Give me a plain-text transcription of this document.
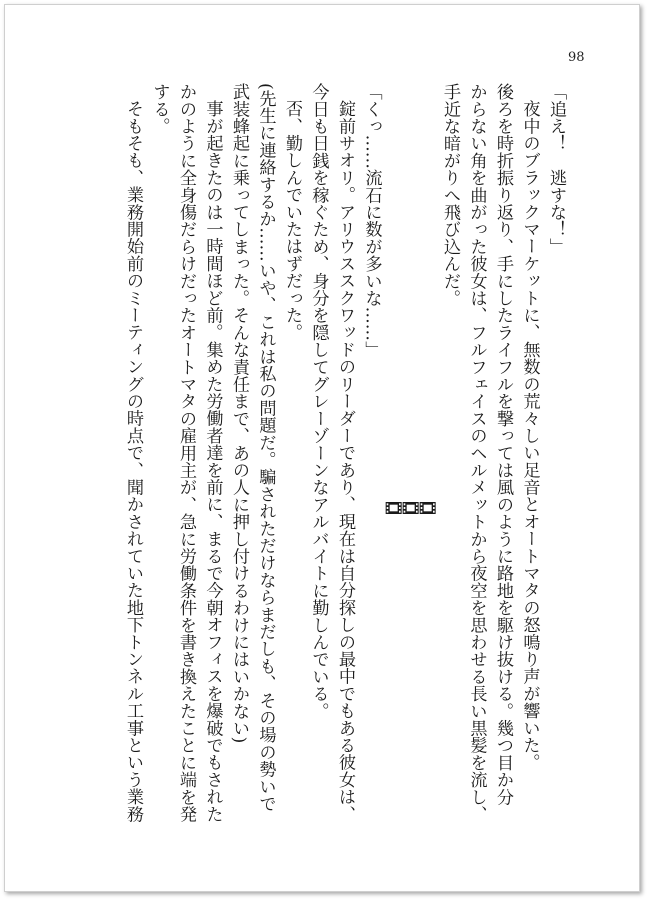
98

「追え！　逃すな！」

夜中のブラックマーケットに、無数の荒々しい足音とオートマタの怒鳴り声が響いた。

後ろを時折振り返り、手にしたライフルを撃っては風のように路地を駆け抜ける。幾つ目か分

からない角を曲がった彼女は、フルフェイスのヘルメットから夜空を思わせる長い黒髪を流し、

手近な暗がりへ飛び込んだ。

「くっ……流石に数が多いな……」

錠前サオリ。アリウススクワッドのリーダーであり、現在は自分探しの最中でもある彼女は、

今日も日銭を稼ぐため、身分を隠してグレーゾーンなアルバイトに勤しんでいる。

否、勤しんでいたはずだった。

(先生に連絡するか……いや、これは私の問題だ。騙されただけならまだしも、その場の勢いで

武装蜂起に乗ってしまった。そんな責任まで、あの人に押し付けるわけにはいかない)

事が起きたのは一時間ほど前。集めた労働者達を前に、まるで今朝オフィスを爆破でもされた

かのように全身傷だらけだったオートマタの雇用主が、急に労働条件を書き換えたことに端を発

する。

そもそも、業務開始前のミーティングの時点で、聞かされていた地下トンネル工事という業務
